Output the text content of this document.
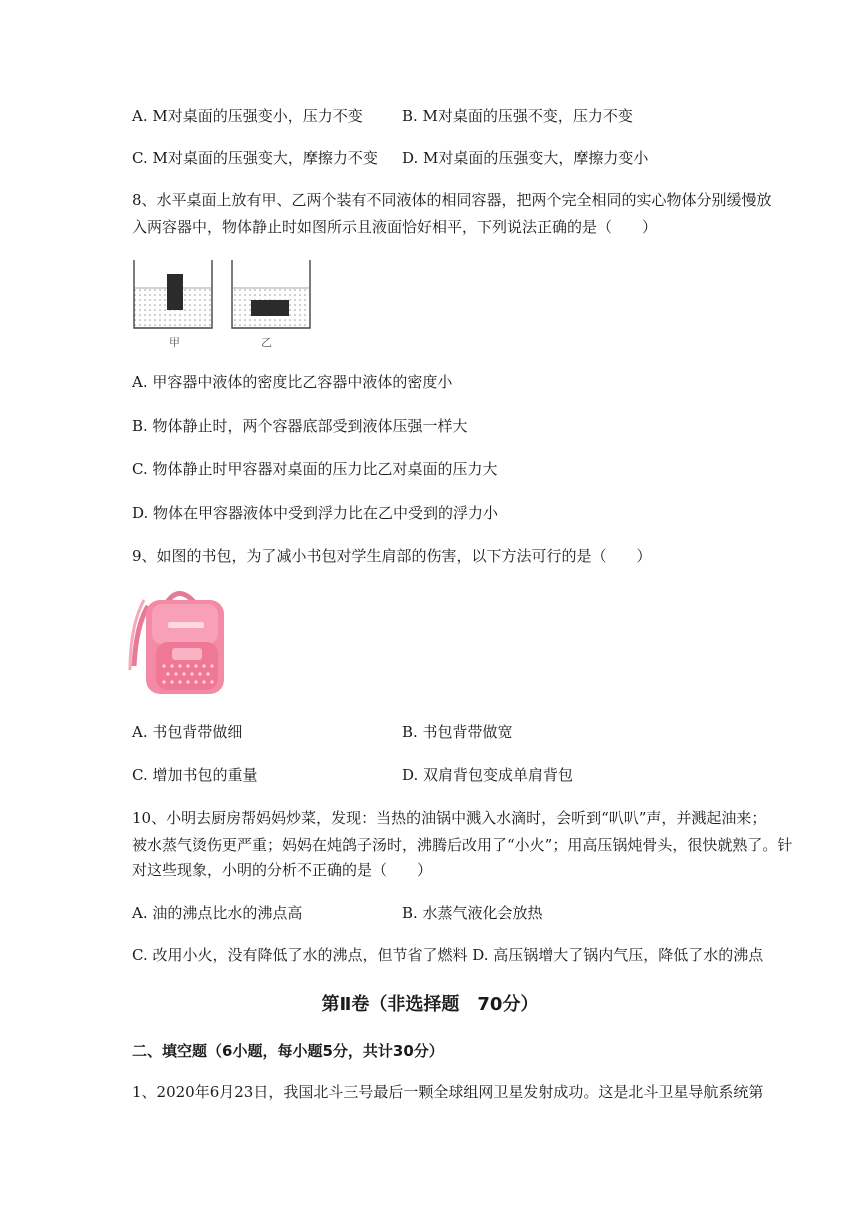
A. M对桌面的压强变小，压力不变	B. M对桌面的压强不变，压力不变
C. M对桌面的压强变大，摩擦力不变 D. M对桌面的压强变大，摩擦力变小
8、水平桌面上放有甲、乙两个装有不同液体的相同容器，把两个完全相同的实心物体分别缓慢放
入两容器中，物体静止时如图所示且液面恰好相平，下列说法正确的是（　　）
甲	乙
A. 甲容器中液体的密度比乙容器中液体的密度小
B. 物体静止时，两个容器底部受到液体压强一样大
C. 物体静止时甲容器对桌面的压力比乙对桌面的压力大
D. 物体在甲容器液体中受到浮力比在乙中受到的浮力小
9、如图的书包，为了减小书包对学生肩部的伤害，以下方法可行的是（　　）
A. 书包背带做细	B. 书包背带做宽
C. 增加书包的重量	D. 双肩背包变成单肩背包
10、小明去厨房帮妈妈炒菜，发现：当热的油锅中溅入水滴时，会听到“叭叭”声，并溅起油来；
被水蒸气烫伤更严重；妈妈在炖鸽子汤时，沸腾后改用了“小火”；用高压锅炖骨头，很快就熟了。针
对这些现象，小明的分析不正确的是（　　）
A. 油的沸点比水的沸点高	B. 水蒸气液化会放热
C. 改用小火，没有降低了水的沸点，但节省了燃料 D. 高压锅增大了锅内气压，降低了水的沸点
第Ⅱ卷（非选择题 70分）
二、填空题（6小题，每小题5分，共计30分）
1、2020年6月23日，我国北斗三号最后一颗全球组网卫星发射成功。这是北斗卫星导航系统第
